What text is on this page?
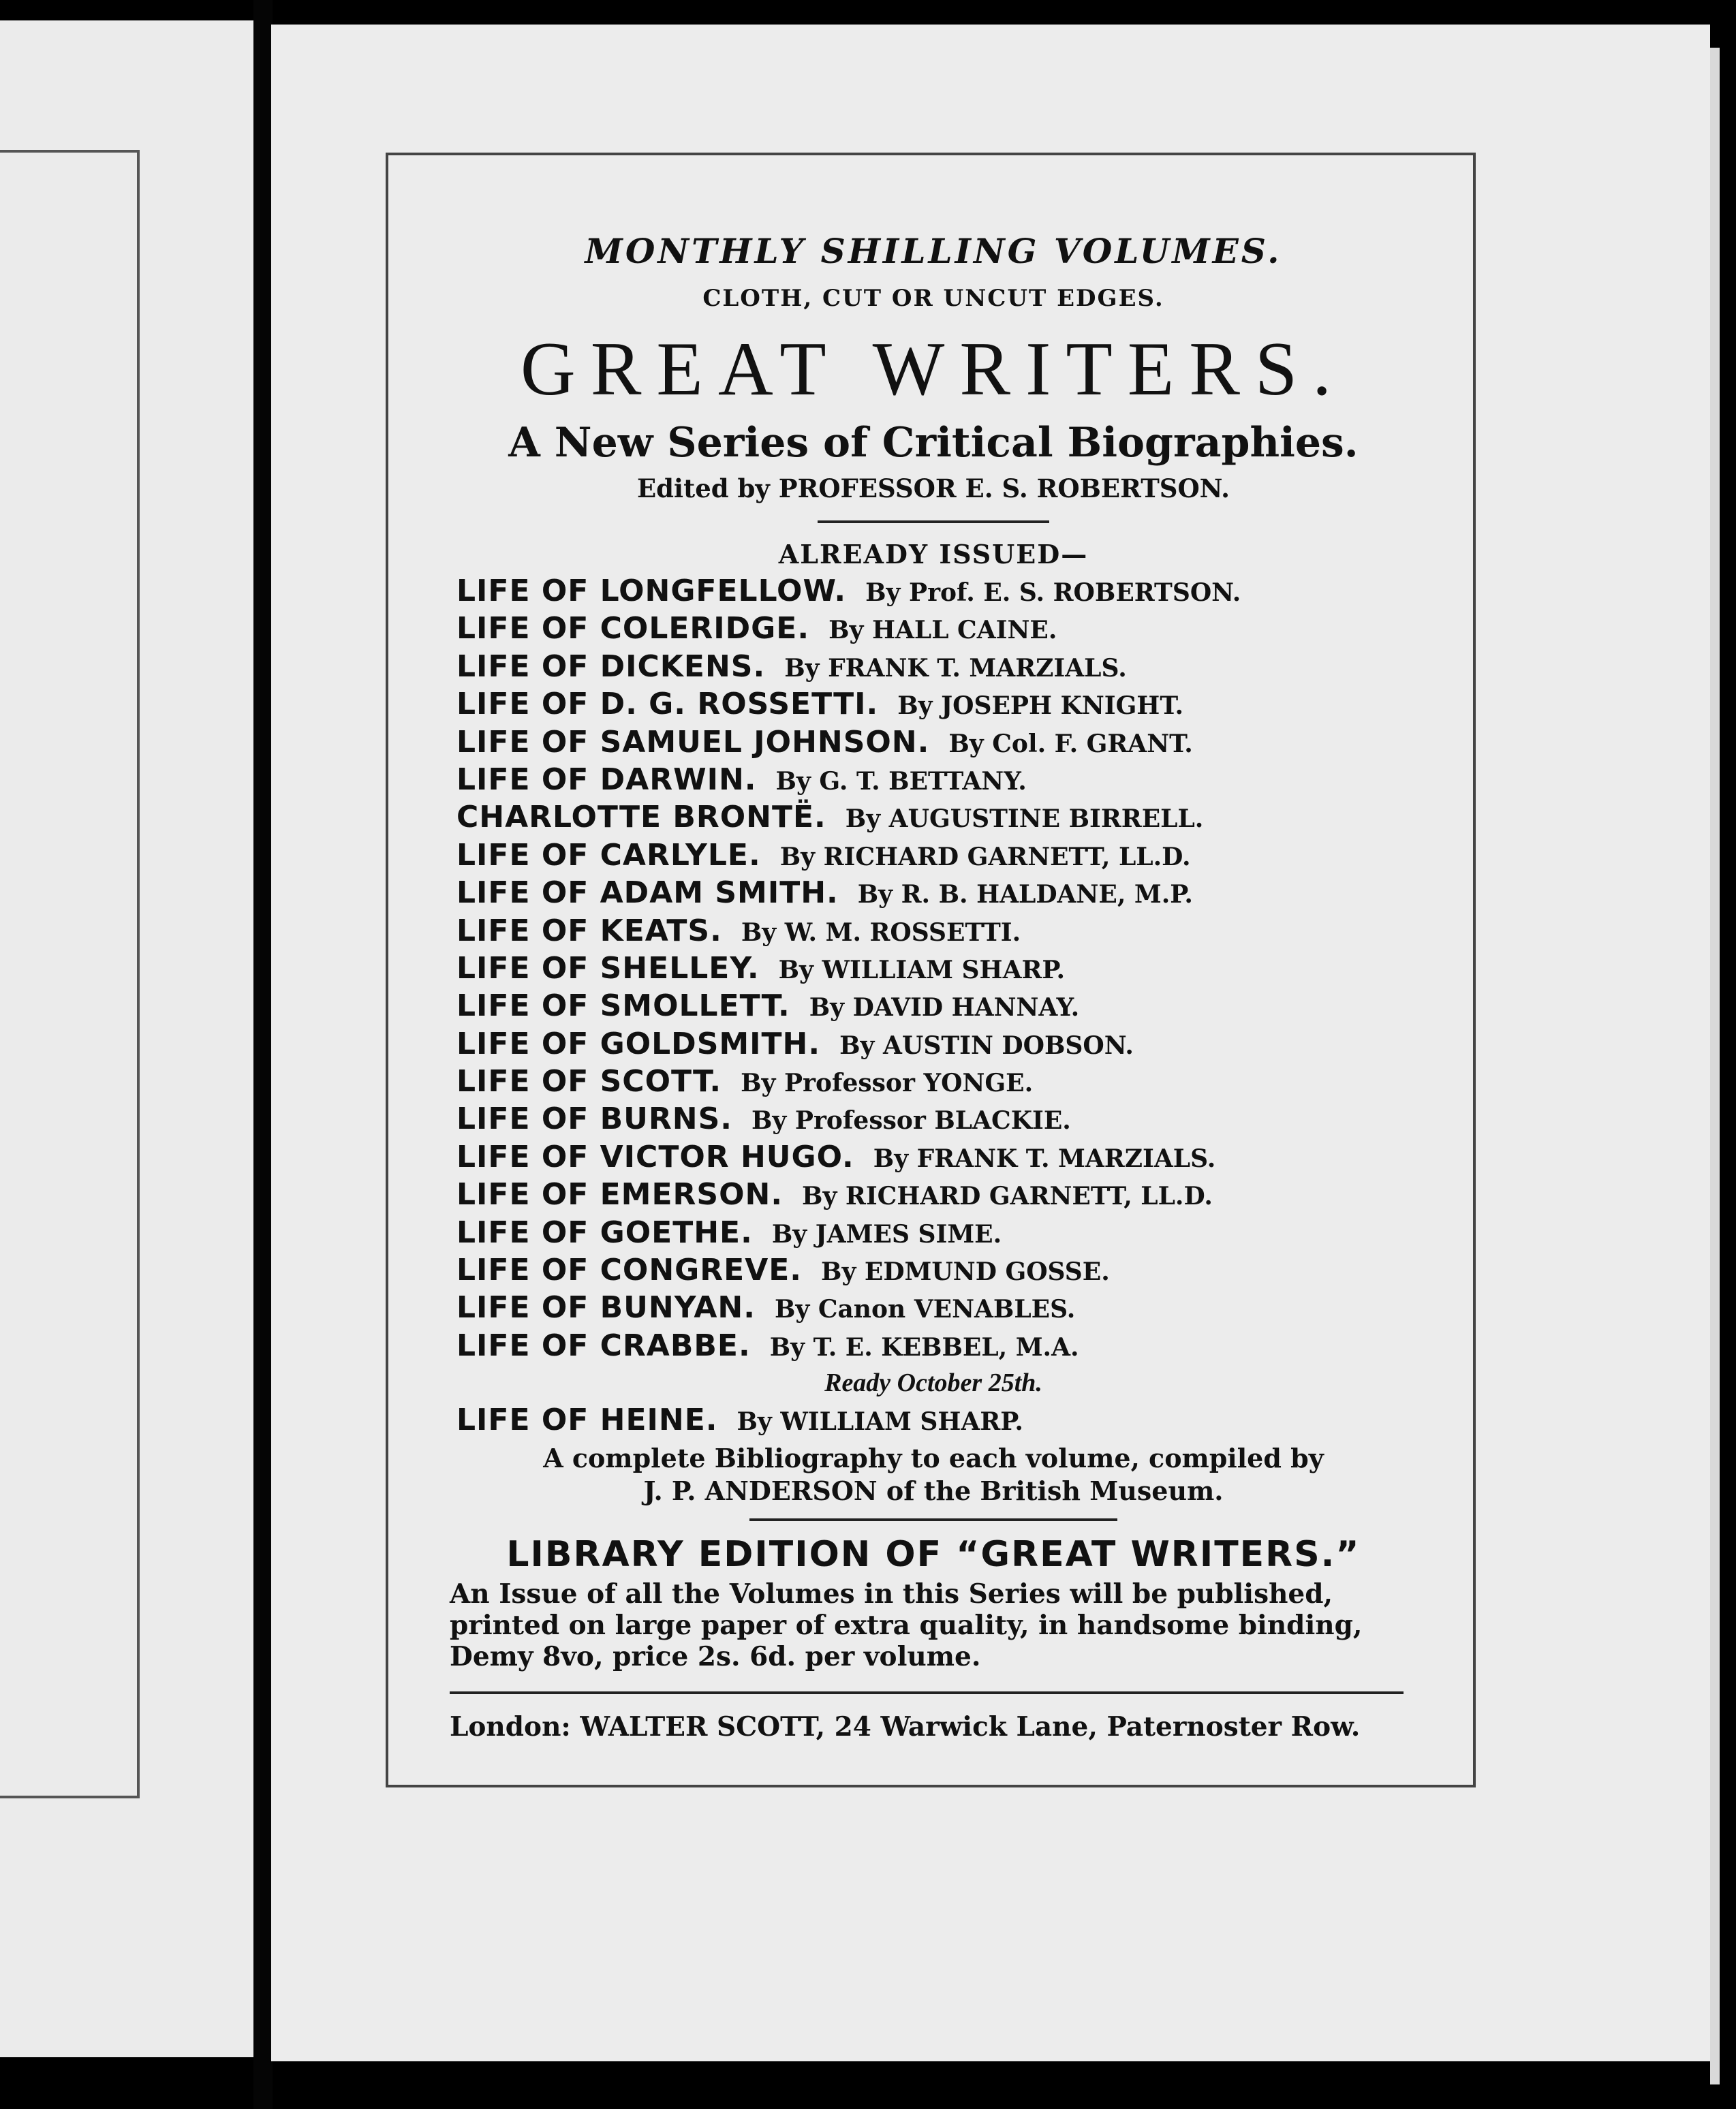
MONTHLY SHILLING VOLUMES.
CLOTH, CUT OR UNCUT EDGES.
GREAT WRITERS.
A New Series of Critical Biographies.
Edited by PROFESSOR E. S. ROBERTSON.
ALREADY ISSUED—
LIFE OF LONGFELLOW. By Prof. E. S. ROBERTSON.
LIFE OF COLERIDGE. By HALL CAINE.
LIFE OF DICKENS. By FRANK T. MARZIALS.
LIFE OF D. G. ROSSETTI. By JOSEPH KNIGHT.
LIFE OF SAMUEL JOHNSON. By Col. F. GRANT.
LIFE OF DARWIN. By G. T. BETTANY.
CHARLOTTE BRONTË. By AUGUSTINE BIRRELL.
LIFE OF CARLYLE. By RICHARD GARNETT, LL.D.
LIFE OF ADAM SMITH. By R. B. HALDANE, M.P.
LIFE OF KEATS. By W. M. ROSSETTI.
LIFE OF SHELLEY. By WILLIAM SHARP.
LIFE OF SMOLLETT. By DAVID HANNAY.
LIFE OF GOLDSMITH. By AUSTIN DOBSON.
LIFE OF SCOTT. By Professor YONGE.
LIFE OF BURNS. By Professor BLACKIE.
LIFE OF VICTOR HUGO. By FRANK T. MARZIALS.
LIFE OF EMERSON. By RICHARD GARNETT, LL.D.
LIFE OF GOETHE. By JAMES SIME.
LIFE OF CONGREVE. By EDMUND GOSSE.
LIFE OF BUNYAN. By Canon VENABLES.
LIFE OF CRABBE. By T. E. KEBBEL, M.A.
Ready October 25th.
LIFE OF HEINE. By WILLIAM SHARP.
A complete Bibliography to each volume, compiled by
J. P. ANDERSON of the British Museum.
LIBRARY EDITION OF “GREAT WRITERS.”
An Issue of all the Volumes in this Series will be published,
printed on large paper of extra quality, in handsome binding,
Demy 8vo, price 2s. 6d. per volume.
London: WALTER SCOTT, 24 Warwick Lane, Paternoster Row.
